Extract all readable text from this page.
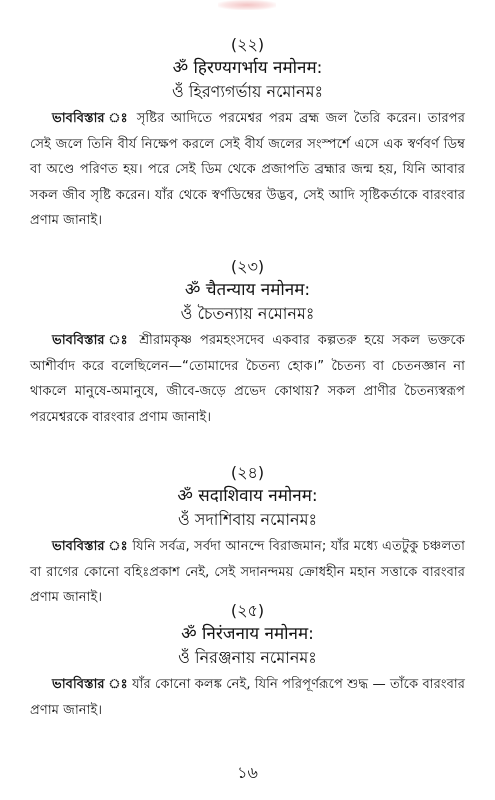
(২২)
ॐ हिरण्यगर्भाय नमोनम:
ওঁ হিরণ্যগর্ভায় নমোনমঃ

ভাববিস্তার ঃ সৃষ্টির আদিতে পরমেশ্বর পরম ব্রহ্ম জল তৈরি করেন। তারপর সেই জলে তিনি বীর্য নিক্ষেপ করলে সেই বীর্য জলের সংস্পর্শে এসে এক স্বর্ণবর্ণ ডিম্ব বা অণ্ডে পরিণত হয়। পরে সেই ডিম থেকে প্রজাপতি ব্রহ্মার জন্ম হয়, যিনি আবার সকল জীব সৃষ্টি করেন। যাঁর থেকে স্বর্ণডিম্বের উদ্ভব, সেই আদি সৃষ্টিকর্তাকে বারংবার প্রণাম জানাই।

(২৩)
ॐ चैतन्याय नमोनम:
ওঁ চৈতন্যায় নমোনমঃ

ভাববিস্তার ঃ শ্রীরামকৃষ্ণ পরমহংসদেব একবার কল্পতরু হয়ে সকল ভক্তকে আশীর্বাদ করে বলেছিলেন—“তোমাদের চৈতন্য হোক।” চৈতন্য বা চেতনজ্ঞান না থাকলে মানুষে-অমানুষে, জীবে-জড়ে প্রভেদ কোথায়? সকল প্রাণীর চৈতন্যস্বরূপ পরমেশ্বরকে বারংবার প্রণাম জানাই।

(২৪)
ॐ सदाशिवाय नमोनम:
ওঁ সদাশিবায় নমোনমঃ

ভাববিস্তার ঃ যিনি সর্বত্র, সর্বদা আনন্দে বিরাজমান; যাঁর মধ্যে এতটুকু চঞ্চলতা বা রাগের কোনো বহিঃপ্রকাশ নেই, সেই সদানন্দময় ক্রোধহীন মহান সত্তাকে বারংবার প্রণাম জানাই।

(২৫)
ॐ निरंजनाय नमोनम:
ওঁ নিরঞ্জনায় নমোনমঃ

ভাববিস্তার ঃ যাঁর কোনো কলঙ্ক নেই, যিনি পরিপূর্ণরূপে শুদ্ধ — তাঁকে বারংবার প্রণাম জানাই।

১৬
